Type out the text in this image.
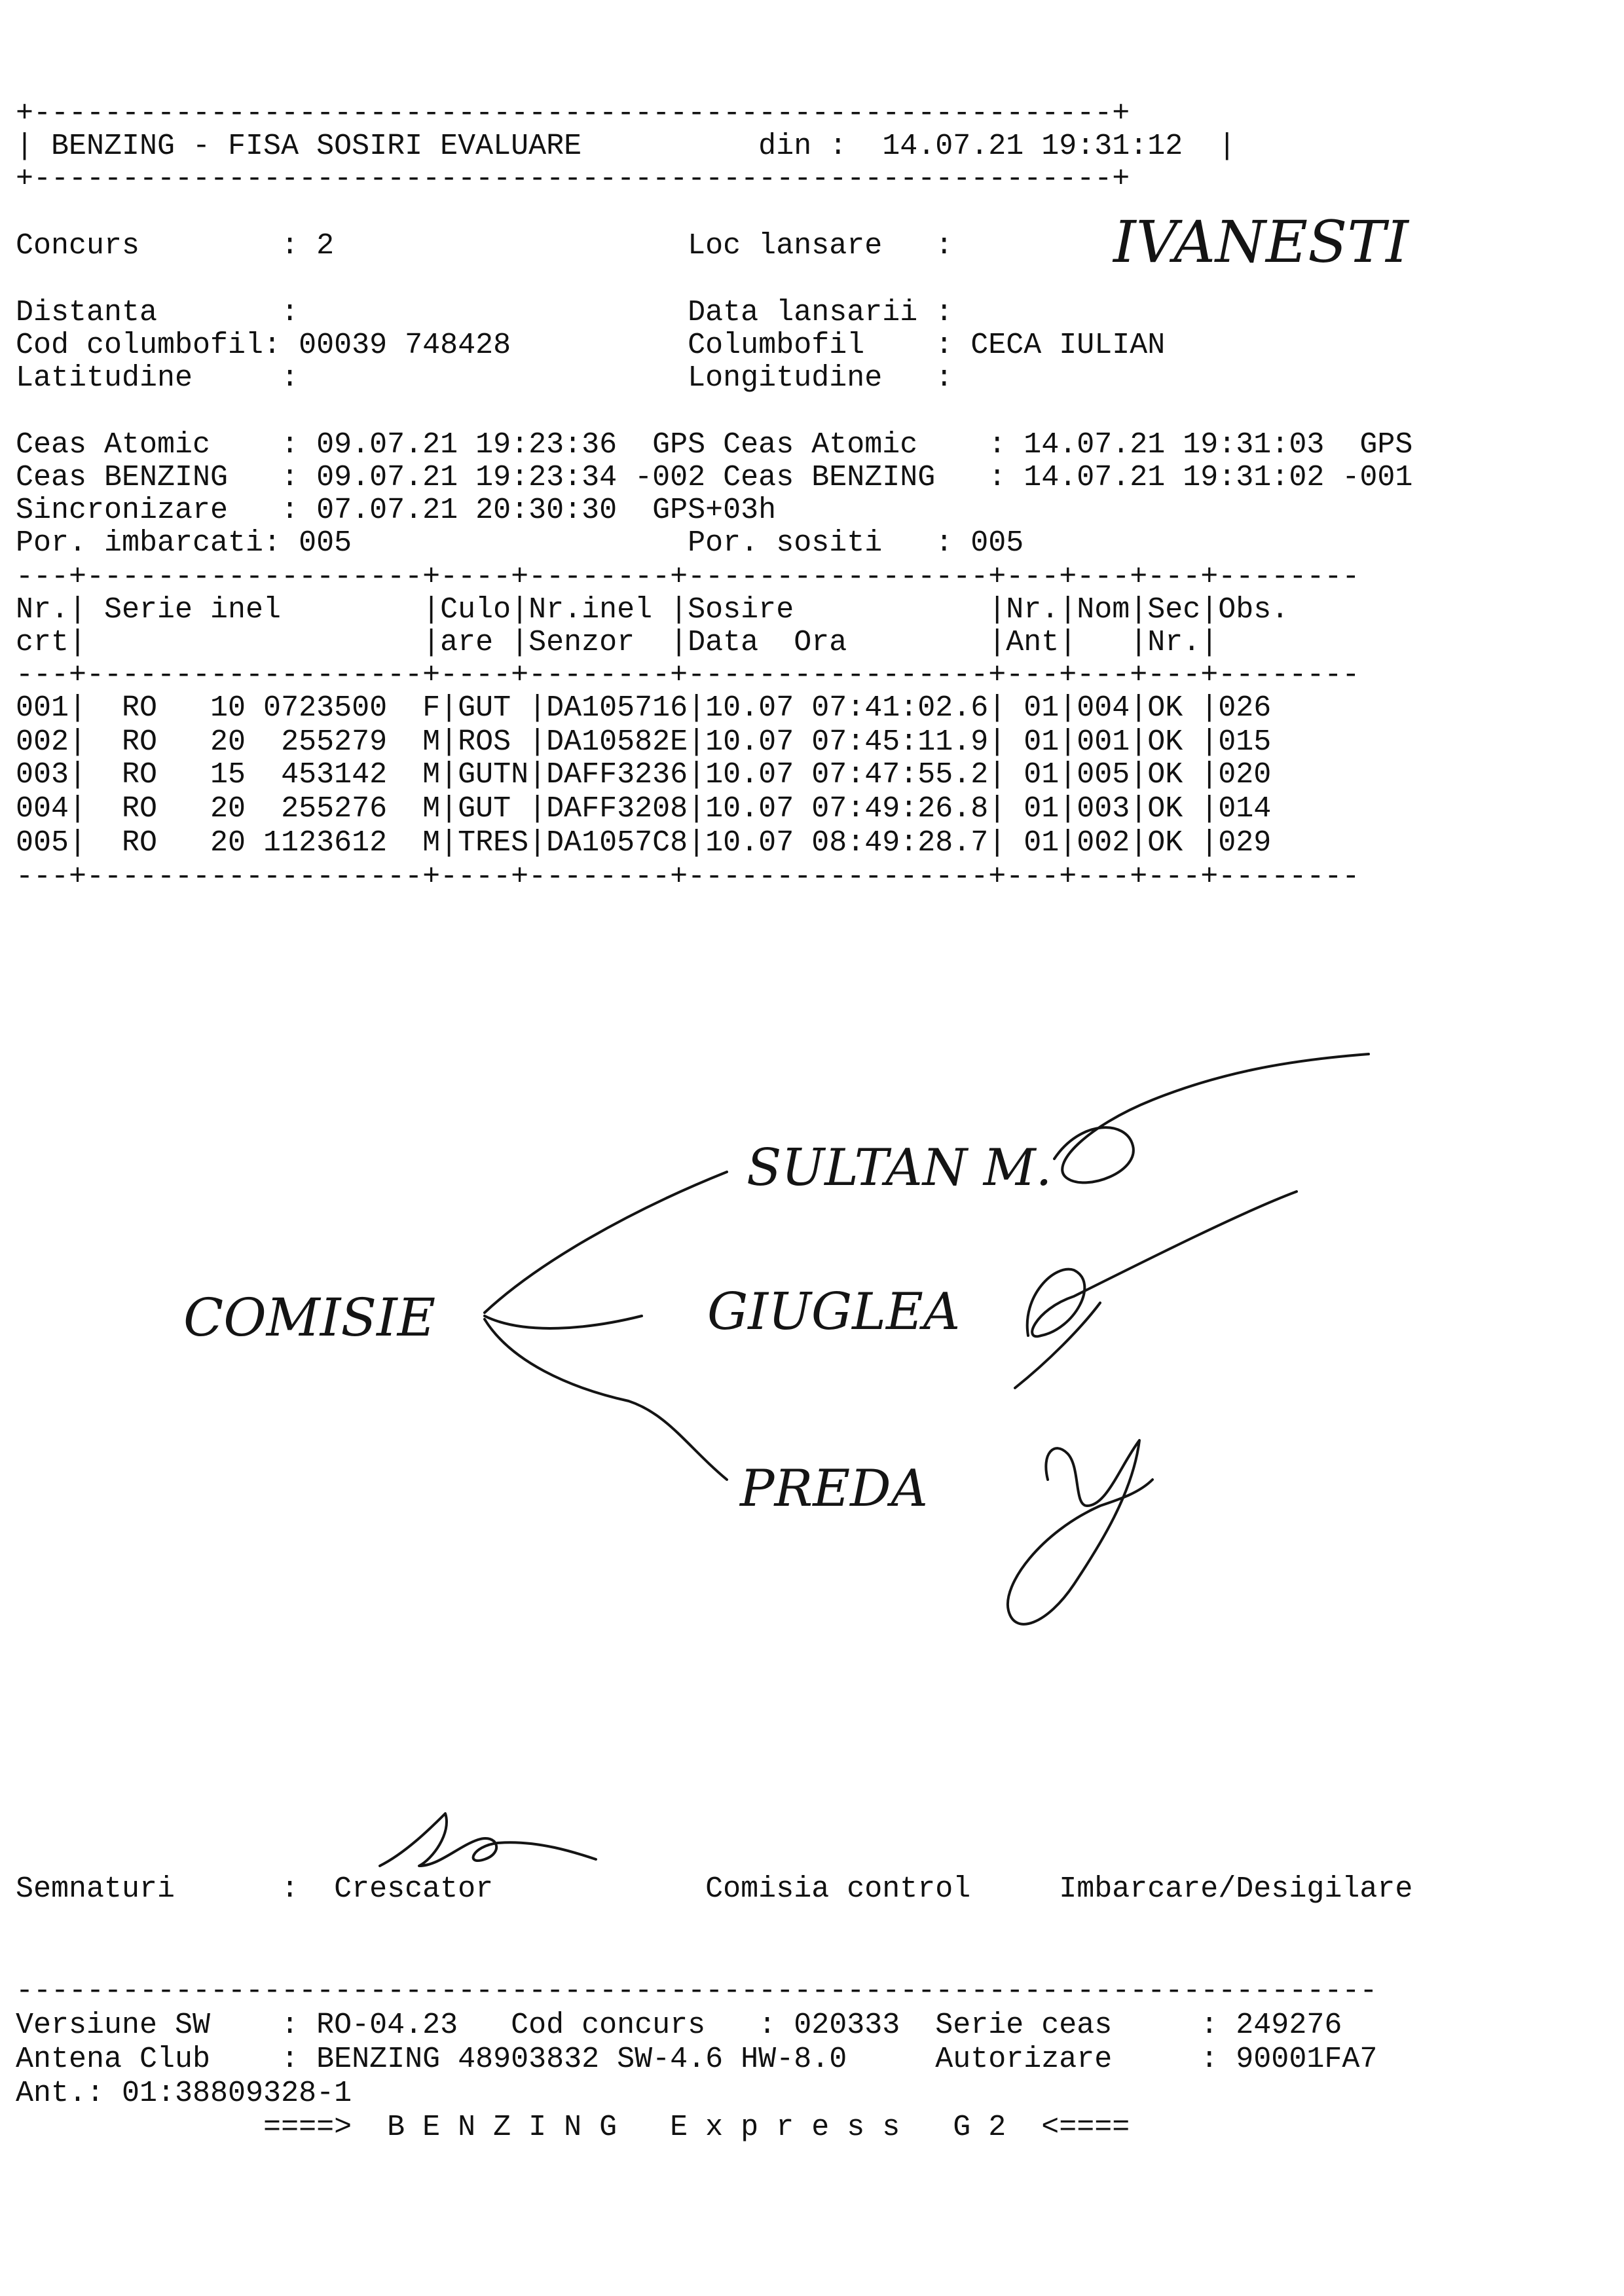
+-------------------------------------------------------------+
| BENZING - FISA SOSIRI EVALUARE          din :  14.07.21 19:31:12  |
+-------------------------------------------------------------+
Concurs        : 2                    Loc lansare   :
Distanta       :                      Data lansarii :
Cod columbofil: 00039 748428          Columbofil    : CECA IULIAN
Latitudine     :                      Longitudine   :
Ceas Atomic    : 09.07.21 19:23:36  GPS Ceas Atomic    : 14.07.21 19:31:03  GPS
Ceas BENZING   : 09.07.21 19:23:34 -002 Ceas BENZING   : 14.07.21 19:31:02 -001
Sincronizare   : 07.07.21 20:30:30  GPS+03h
Por. imbarcati: 005                   Por. sositi   : 005
---+-------------------+----+--------+-----------------+---+---+---+--------
Nr.| Serie inel        |Culo|Nr.inel |Sosire           |Nr.|Nom|Sec|Obs.
crt|                   |are |Senzor  |Data  Ora        |Ant|   |Nr.|
---+-------------------+----+--------+-----------------+---+---+---+--------
001|  RO   10 0723500  F|GUT |DA105716|10.07 07:41:02.6| 01|004|OK |026
002|  RO   20  255279  M|ROS |DA10582E|10.07 07:45:11.9| 01|001|OK |015
003|  RO   15  453142  M|GUTN|DAFF3236|10.07 07:47:55.2| 01|005|OK |020
004|  RO   20  255276  M|GUT |DAFF3208|10.07 07:49:26.8| 01|003|OK |014
005|  RO   20 1123612  M|TRES|DA1057C8|10.07 08:49:28.7| 01|002|OK |029
---+-------------------+----+--------+-----------------+---+---+---+--------
IVANESTI
COMISIE
SULTAN M.
GIUGLEA
PREDA
Semnaturi      :  Crescator            Comisia control     Imbarcare/Desigilare
-----------------------------------------------------------------------------
Versiune SW    : RO-04.23   Cod concurs   : 020333  Serie ceas     : 249276
Antena Club    : BENZING 48903832 SW-4.6 HW-8.0     Autorizare     : 90001FA7
Ant.: 01:38809328-1
====>  B E N Z I N G   E x p r e s s   G 2  <====
